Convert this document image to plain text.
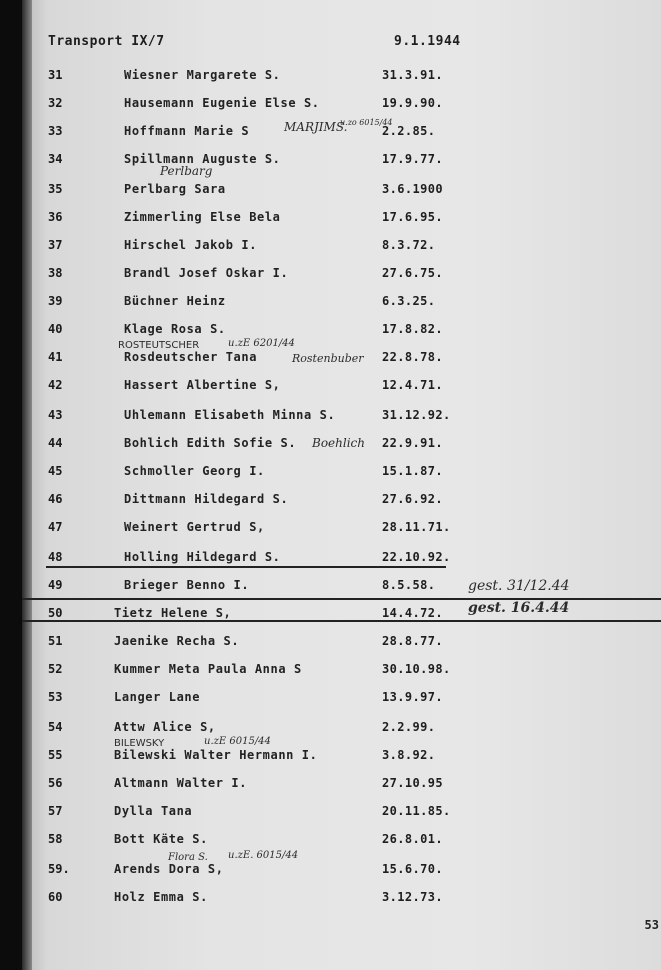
Transport IX/7	9.1.1944
31	Wiesner Margarete S.	31.3.91.
32	Hausemann Eugenie Else S.	19.9.90.
33	Hoffmann Marie S	2.2.85.
34	Spillmann Auguste S.	17.9.77.
35	Perlbarg Sara	3.6.1900
36	Zimmerling Else Bela	17.6.95.
37	Hirschel Jakob I.	8.3.72.
38	Brandl Josef Oskar I.	27.6.75.
39	Büchner Heinz	6.3.25.
40	Klage Rosa S.	17.8.82.
41	Rosdeutscher Tana	22.8.78.
42	Hassert Albertine S,	12.4.71.
43	Uhlemann Elisabeth Minna S.	31.12.92.
44	Bohlich Edith Sofie S.	22.9.91.
45	Schmoller Georg I.	15.1.87.
46	Dittmann Hildegard S.	27.6.92.
47	Weinert Gertrud S,	28.11.71.
48	Holling Hildegard S.	22.10.92.
49	Brieger Benno I.	8.5.58.
50	Tietz Helene S,	14.4.72.
51	Jaenike Recha S.	28.8.77.
52	Kummer Meta Paula Anna S	30.10.98.
53	Langer Lane	13.9.97.
54	Attw Alice S,	2.2.99.
55	Bilewski Walter Hermann I.	3.8.92.
56	Altmann Walter I.	27.10.95
57	Dylla Tana	20.11.85.
58	Bott Käte S.	26.8.01.
59.	Arends Dora S,	15.6.70.
60	Holz Emma S.	3.12.73.
MARJIMS.
u.zo 6015/44
Perlbarg
ROSTEUTSCHER	u.zE 6201/44
Rostenbuber
Boehlich
gest. 31/12.44
gest. 16.4.44
BILEWSKY	u.zE 6015/44
Flora S. u.zE. 6015/44
53
